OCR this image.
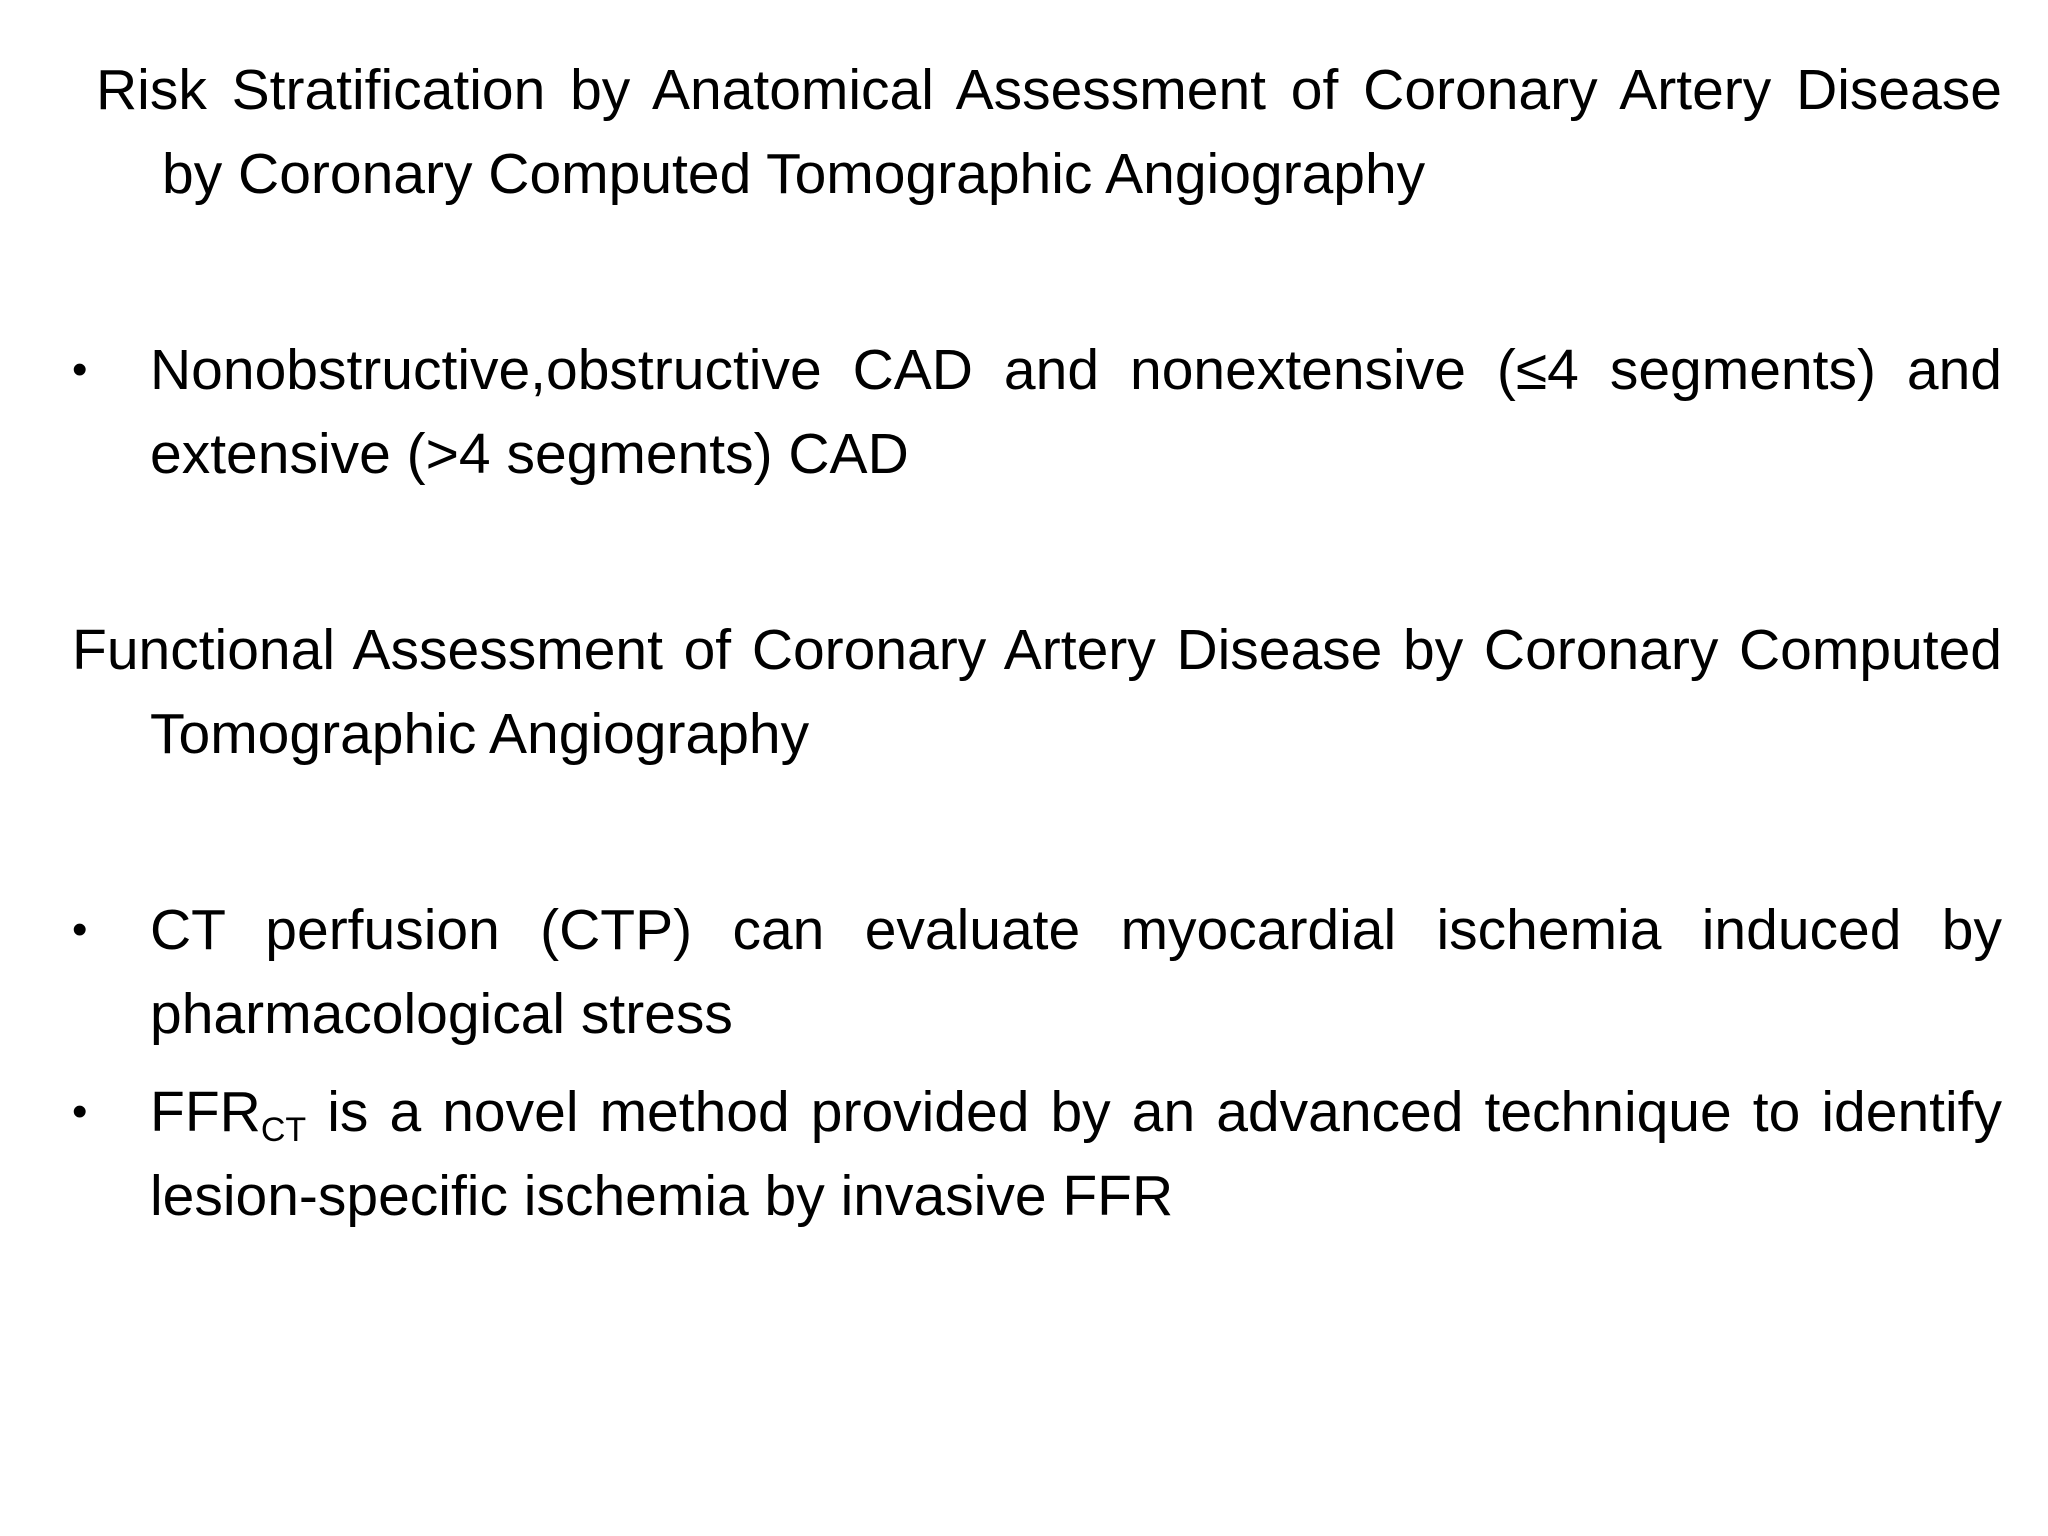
Risk Stratification by Anatomical Assessment of Coronary Artery Disease by Coronary Computed Tomographic Angiography
•	Nonobstructive,obstructive CAD and nonextensive (≤4 segments) and extensive (>4 segments) CAD
Functional Assessment of Coronary Artery Disease by Coronary Computed Tomographic Angiography
•	CT perfusion (CTP) can evaluate myocardial ischemia induced by pharmacological stress
•	$FFR_{CT}$ is a novel method provided by an advanced technique to identify lesion-specific ischemia by invasive FFR
